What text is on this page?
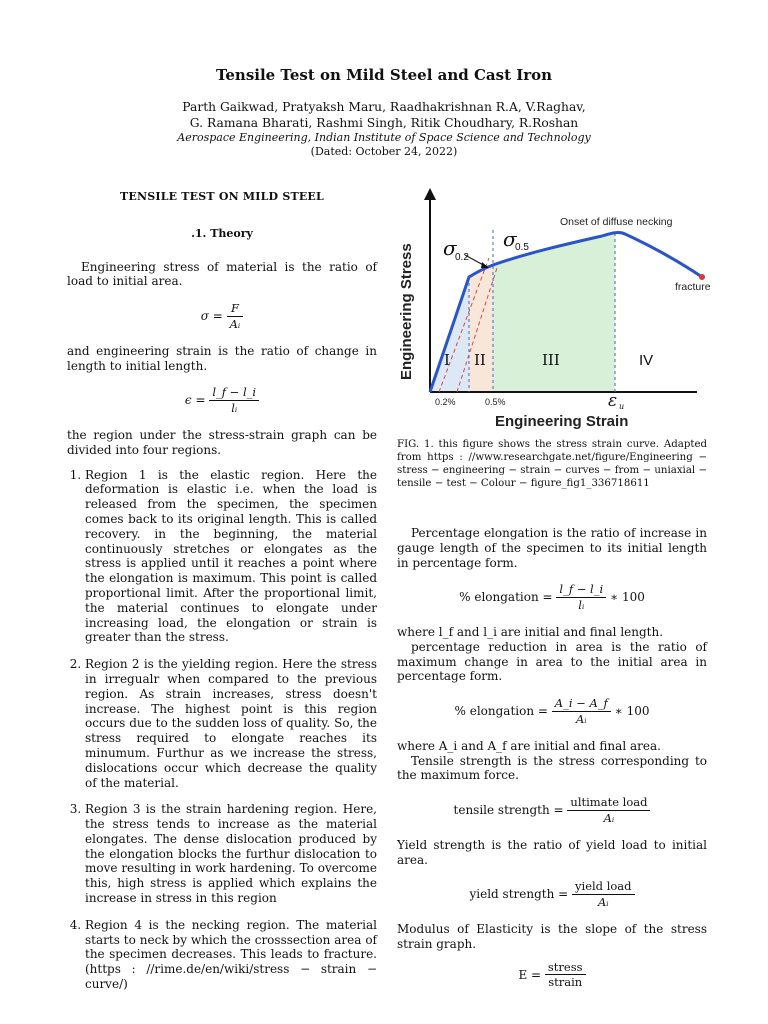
Tensile Test on Mild Steel and Cast Iron
Parth Gaikwad, Pratyaksh Maru, Raadhakrishnan R.A, V.Raghav,
G. Ramana Bharati, Rashmi Singh, Ritik Choudhary, R.Roshan
Aerospace Engineering, Indian Institute of Space Science and Technology
(Dated: October 24, 2022)
TENSILE TEST ON MILD STEEL
.1. Theory

Engineering stress of material is the ratio of load to initial area.

$\sigma = \frac{F}{\text{Aᵢ}}$

and engineering strain is the ratio of change in length to initial length.

$\epsilon = \frac{l\_f - l\_i}{\text{lᵢ}}$

the region under the stress-strain graph can be divided into four regions.

1. Region 1 is the elastic region. Here the deformation is elastic i.e. when the load is released from the specimen, the specimen comes back to its original length. This is called recovery. in the beginning, the material continuously stretches or elongates as the stress is applied until it reaches a point where the elongation is maximum. This point is called proportional limit. After the proportional limit, the material continues to elongate under increasing load, the elongation or strain is greater than the stress.
2. Region 2 is the yielding region. Here the stress in irregualr when compared to the previous region. As strain increases, stress doesn't increase. The highest point is this region occurs due to the sudden loss of quality. So, the stress required to elongate reaches its minumum. Furthur as we increase the stress, dislocations occur which decrease the quality of the material.
3. Region 3 is the strain hardening region. Here, the stress tends to increase as the material elongates. The dense dislocation produced by the elongation blocks the furthur dislocation to move resulting in work hardening. To overcome this, high stress is applied which explains the increase in stress in this region
4. Region 4 is the necking region. The material starts to neck by which the crosssection area of the specimen decreases. This leads to fracture.(https : //rime.de/en/wiki/stress − strain − curve/)
Engineering Stress
Engineering Strain
σ
0.2
σ
0.5
Onset of diffuse necking
fracture
I II	III	IV
0.2%	0.5%	ε u

FIG. 1. this figure shows the stress strain curve. Adapted from https : //www.researchgate.net/figure/Engineering − stress − engineering − strain − curves − from − uniaxial − tensile − test − Colour − figure_fig1_336718611

Percentage elongation is the ratio of increase in gauge length of the specimen to its initial length in percentage form.

% elongation = $\frac{l\_f - l\_i}{\text{lᵢ}}$ ∗ 100

where l_f and l_i are initial and final length.

percentage reduction in area is the ratio of maximum change in area to the initial area in percentage form.

% elongation = $\frac{A\_i - A\_f}{\text{Aᵢ}}$ ∗ 100

where A_i and A_f are initial and final area.

Tensile strength is the stress corresponding to the maximum force.

tensile strength = $\frac{\text{ultimate load}}{\text{Aᵢ}}$

Yield strength is the ratio of yield load to initial area.

yield strength = $\frac{\text{yield load}}{\text{Aᵢ}}$

Modulus of Elasticity is the slope of the stress strain graph.

$E = \frac{\text{stress}}{\text{strain}}$
